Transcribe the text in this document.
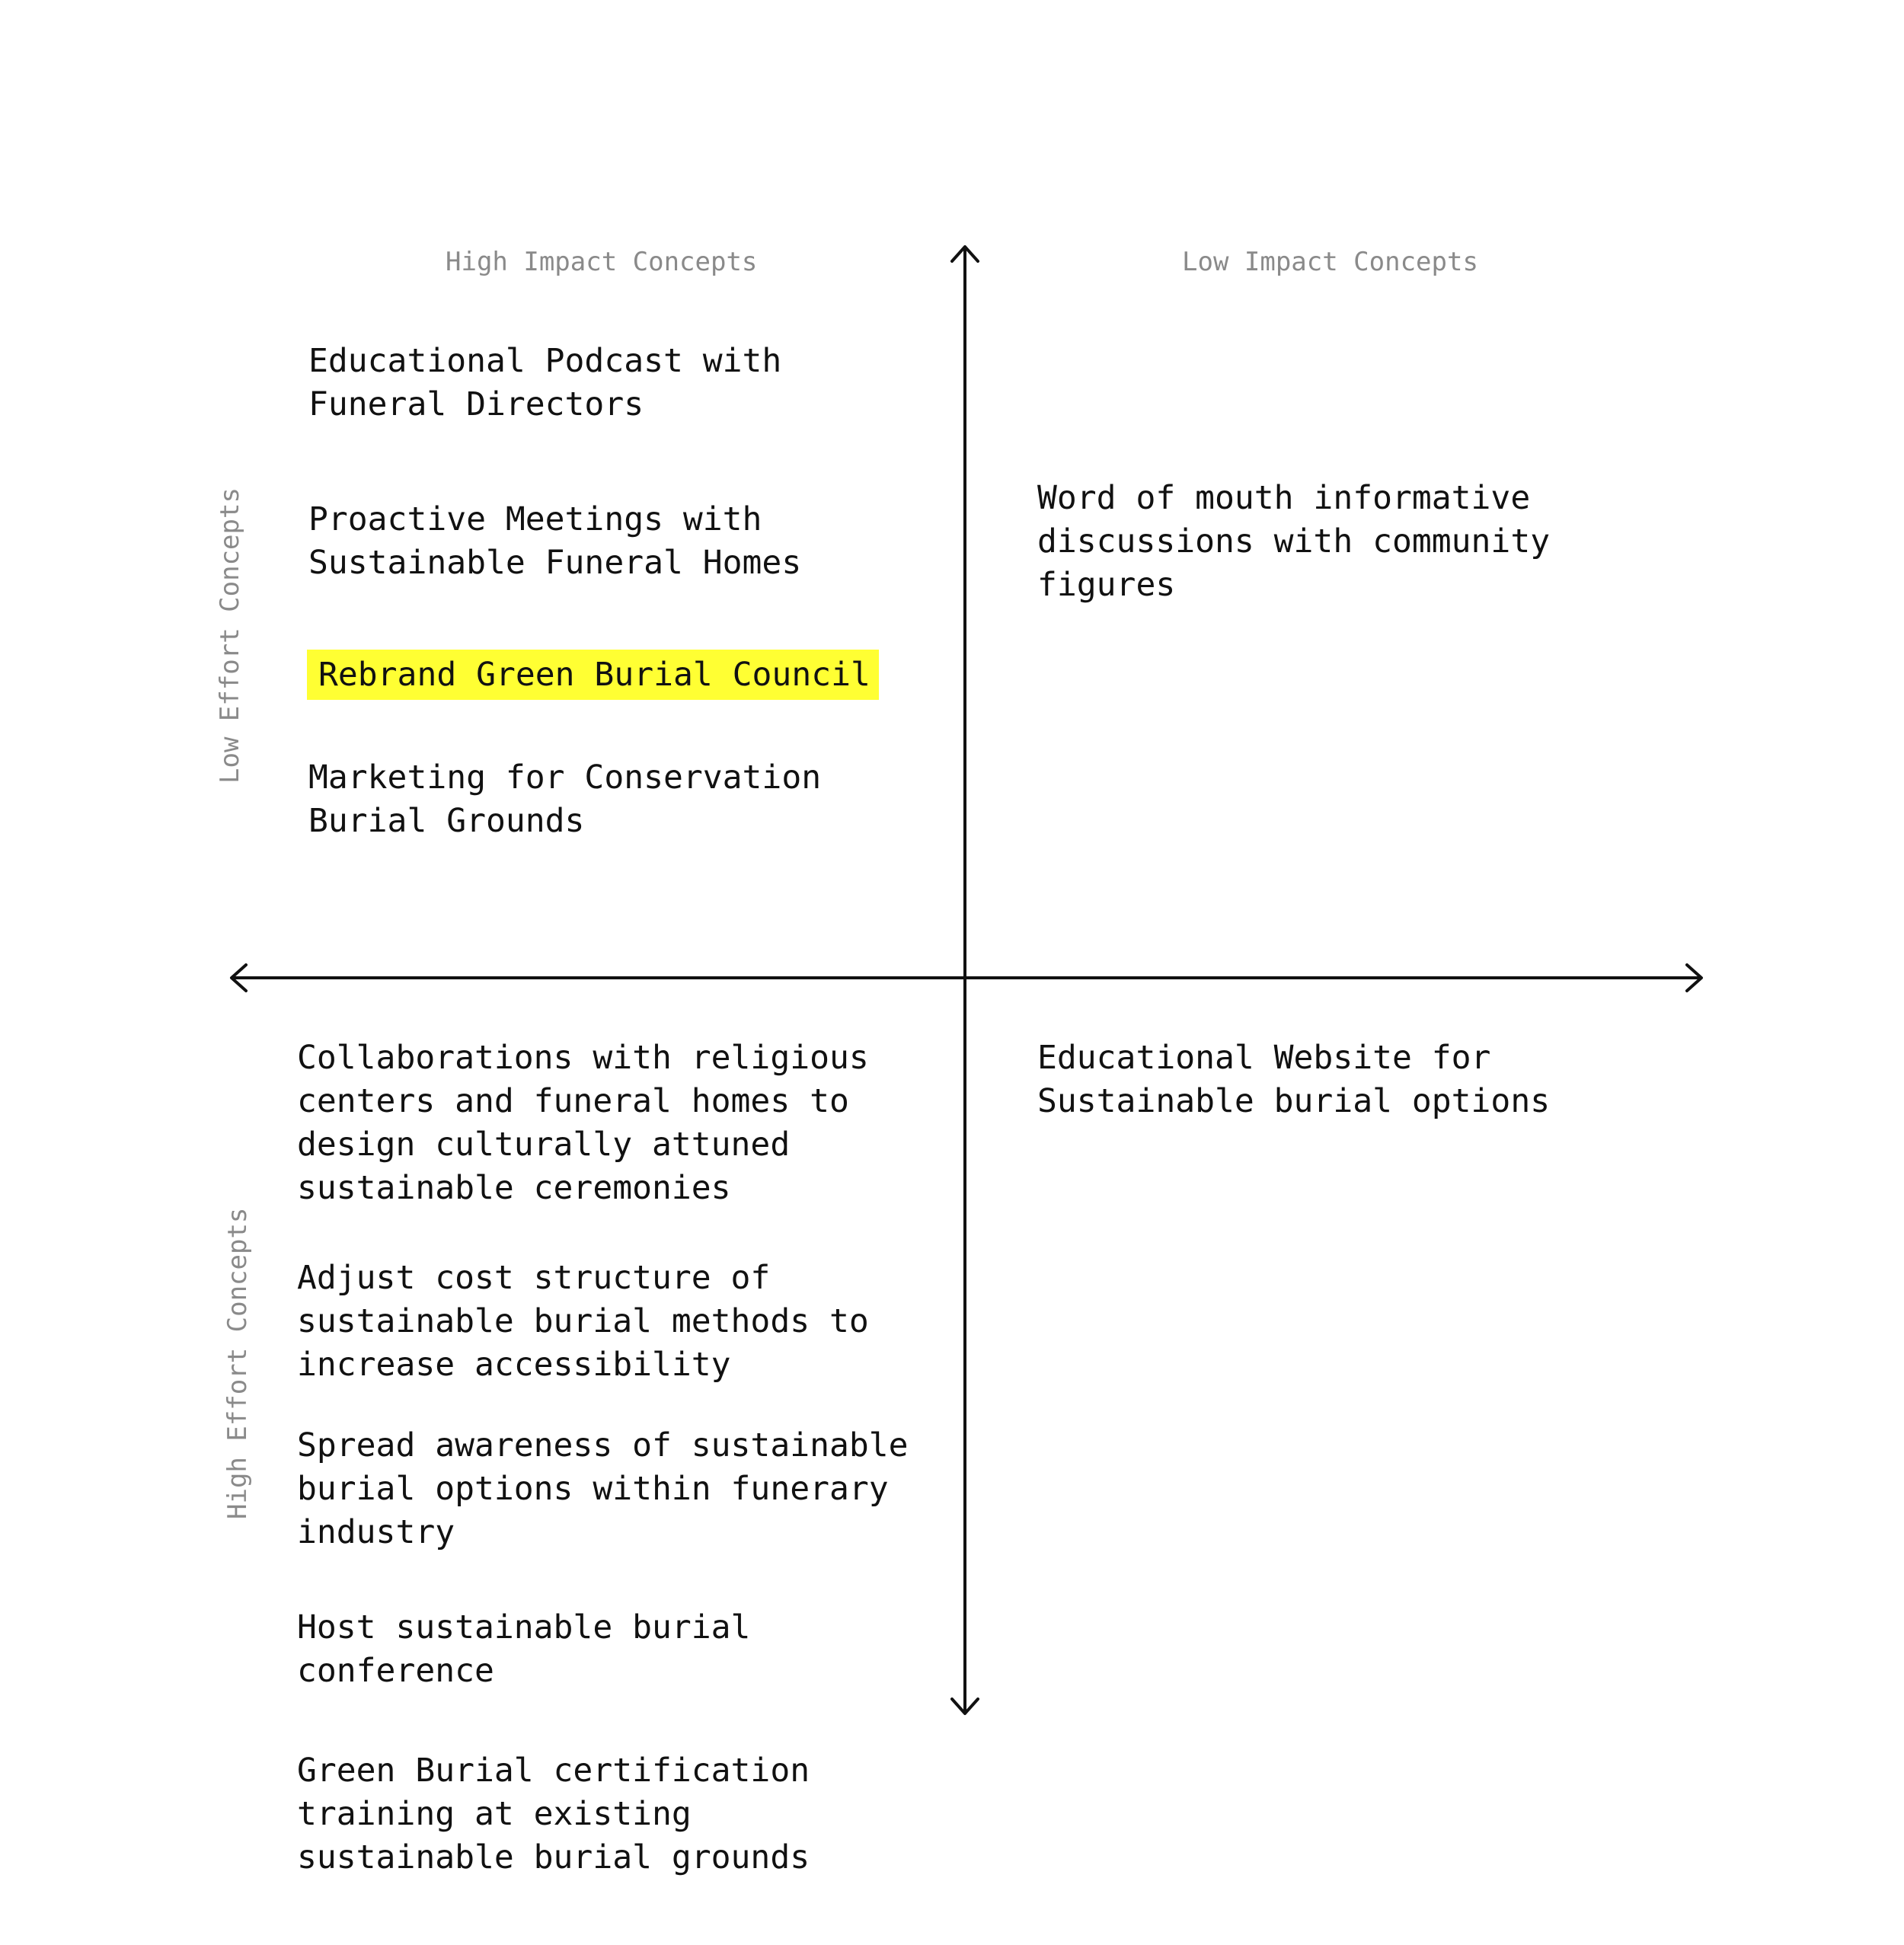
High Impact Concepts	Low Impact Concepts
Low Effort Concepts
High Effort Concepts
Educational Podcast with
Funeral Directors
Proactive Meetings with
Sustainable Funeral Homes
Rebrand Green Burial Council
Marketing for Conservation
Burial Grounds
Word of mouth informative
discussions with community
figures
Collaborations with religious
centers and funeral homes to
design culturally attuned
sustainable ceremonies
Adjust cost structure of
sustainable burial methods to
increase accessibility
Spread awareness of sustainable
burial options within funerary
industry
Host sustainable burial
conference
Green Burial certification
training at existing
sustainable burial grounds
Educational Website for
Sustainable burial options
